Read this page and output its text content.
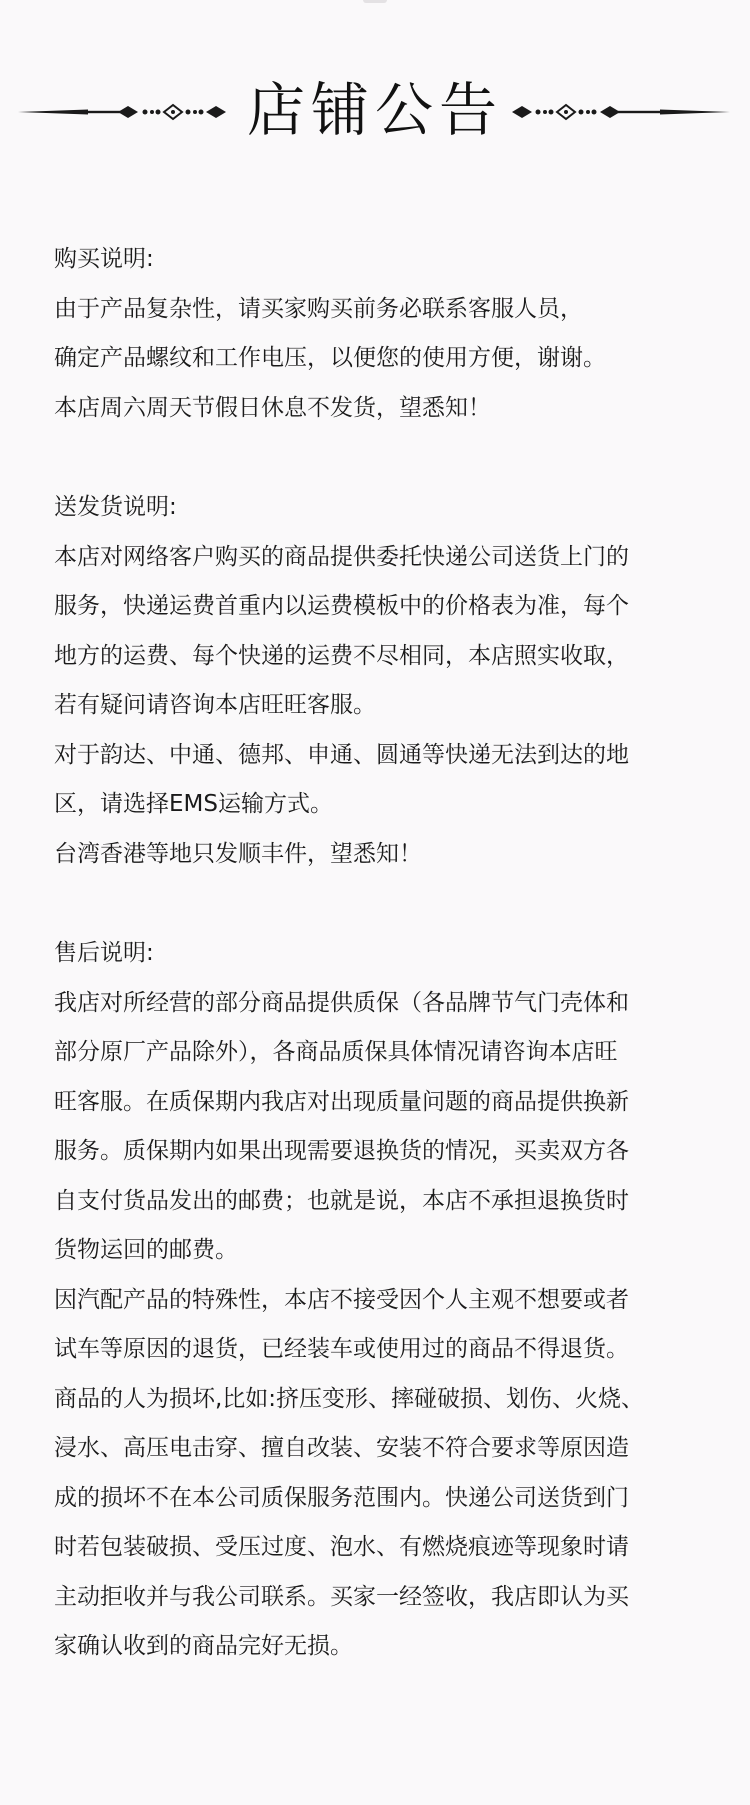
店铺公告

购买说明:

由于产品复杂性，请买家购买前务必联系客服人员，

确定产品螺纹和工作电压，以便您的使用方便，谢谢。

本店周六周天节假日休息不发货，望悉知！

送发货说明:

本店对网络客户购买的商品提供委托快递公司送货上门的

服务，快递运费首重内以运费模板中的价格表为准，每个

地方的运费、每个快递的运费不尽相同，本店照实收取，

若有疑问请咨询本店旺旺客服。

对于韵达、中通、德邦、申通、圆通等快递无法到达的地

区，请选择EMS运输方式。

台湾香港等地只发顺丰件，望悉知！

售后说明:

我店对所经营的部分商品提供质保（各品牌节气门壳体和

部分原厂产品除外），各商品质保具体情况请咨询本店旺

旺客服。在质保期内我店对出现质量问题的商品提供换新

服务。质保期内如果出现需要退换货的情况，买卖双方各

自支付货品发出的邮费；也就是说，本店不承担退换货时

货物运回的邮费。

因汽配产品的特殊性，本店不接受因个人主观不想要或者

试车等原因的退货，已经装车或使用过的商品不得退货。

商品的人为损坏,比如:挤压变形、摔碰破损、划伤、火烧、

浸水、高压电击穿、擅自改装、安装不符合要求等原因造

成的损坏不在本公司质保服务范围内。快递公司送货到门

时若包装破损、受压过度、泡水、有燃烧痕迹等现象时请

主动拒收并与我公司联系。买家一经签收，我店即认为买

家确认收到的商品完好无损。
